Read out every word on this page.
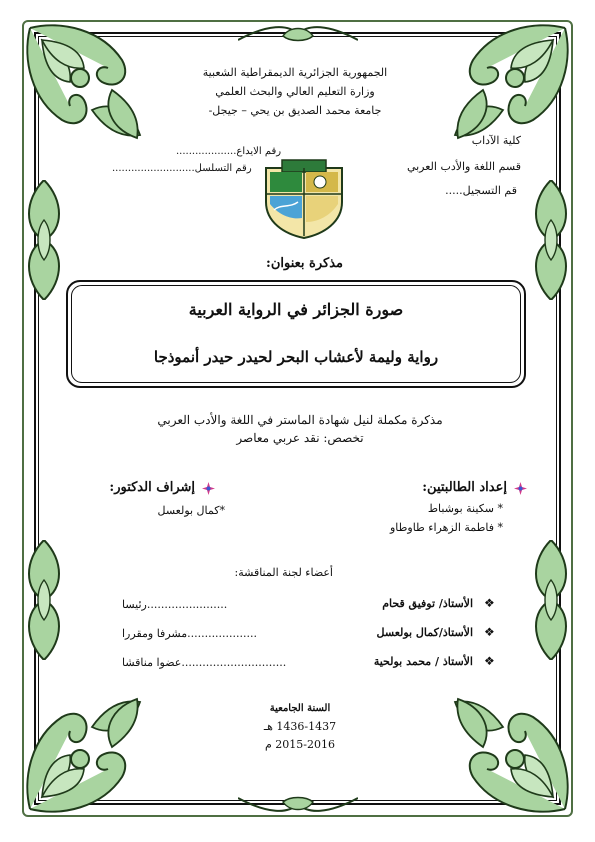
الجمهورية الجزائرية الديمقراطية الشعبية
وزارة التعليم العالي والبحث العلمي
جامعة محمد الصديق بن يحي – جيجل-
كلية الآداب
قسم اللغة والأدب العربي
قم التسجيل.....
رقم الايداع...................
رقم التسلسل..........................
مذكرة بعنوان:
صورة الجزائر في الرواية العربية
رواية وليمة لأعشاب البحر لحيدر حيدر أنموذجا
مذكرة مكملة لنيل شهادة الماستر في اللغة والأدب العربي
تخصص: نقد عربي معاصر
إعداد الطالبتين:
* سكينة بوشباط
* فاطمة الزهراء طاوطاو
إشراف الدكتور:
*كمال بولعسل
أعضاء لجنة المناقشة:
❖
الأستاذ/ توفيق قحام
.......................رئيسا
❖
الأستاذ/كمال بولعسل
....................مشرفا ومقررا
❖
الأستاذ / محمد بولحية
..............................عضوا مناقشا
السنة الجامعية
1436-1437 هـ
2015-2016 م
